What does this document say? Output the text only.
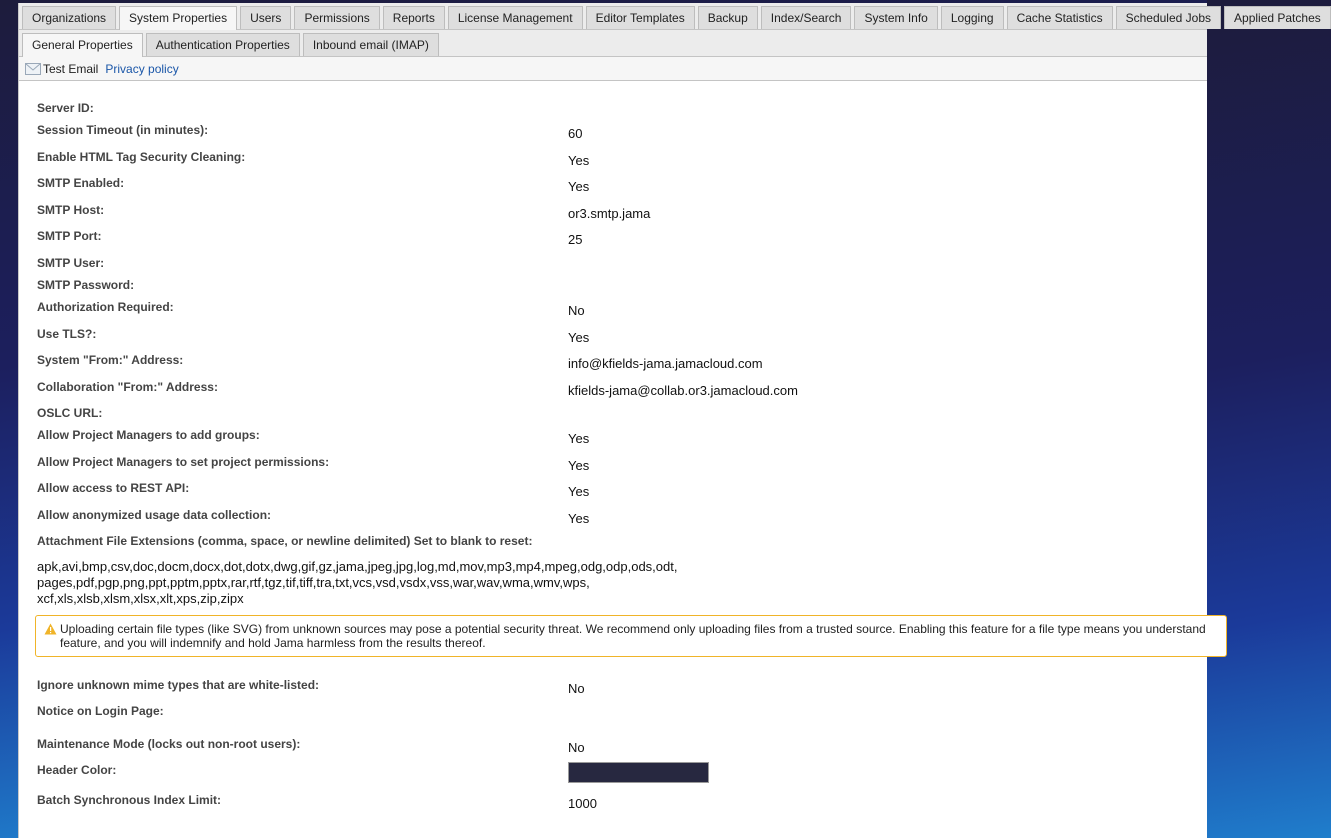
Organizations	System Properties	Users	Permissions	Reports	License Management	Editor Templates	Backup	Index/Search	System Info	Logging	Cache Statistics	Scheduled Jobs	Applied Patches
General Properties	Authentication Properties	Inbound email (IMAP)
Test Email Privacy policy
Server ID:
Session Timeout (in minutes):	60
Enable HTML Tag Security Cleaning:	Yes
SMTP Enabled:	Yes
SMTP Host:	or3.smtp.jama
SMTP Port:	25
SMTP User:
SMTP Password:
Authorization Required:	No
Use TLS?:	Yes
System "From:" Address:	info@kfields-jama.jamacloud.com
Collaboration "From:" Address:	kfields-jama@collab.or3.jamacloud.com
OSLC URL:
Allow Project Managers to add groups:	Yes
Allow Project Managers to set project permissions:	Yes
Allow access to REST API:	Yes
Allow anonymized usage data collection:	Yes
Attachment File Extensions (comma, space, or newline delimited) Set to blank to reset:
apk,avi,bmp,csv,doc,docm,docx,dot,dotx,dwg,gif,gz,jama,jpeg,jpg,log,md,mov,mp3,mp4,mpeg,odg,odp,ods,odt,
pages,pdf,pgp,png,ppt,pptm,pptx,rar,rtf,tgz,tif,tiff,tra,txt,vcs,vsd,vsdx,vss,war,wav,wma,wmv,wps,
xcf,xls,xlsb,xlsm,xlsx,xlt,xps,zip,zipx
Uploading certain file types (like SVG) from unknown sources may pose a potential security threat. We recommend only uploading files from a trusted source. Enabling this feature for a file type means you understand
feature, and you will indemnify and hold Jama harmless from the results thereof.
Ignore unknown mime types that are white-listed:	No
Notice on Login Page:
Maintenance Mode (locks out non-root users):	No
Header Color:
Batch Synchronous Index Limit:	1000
